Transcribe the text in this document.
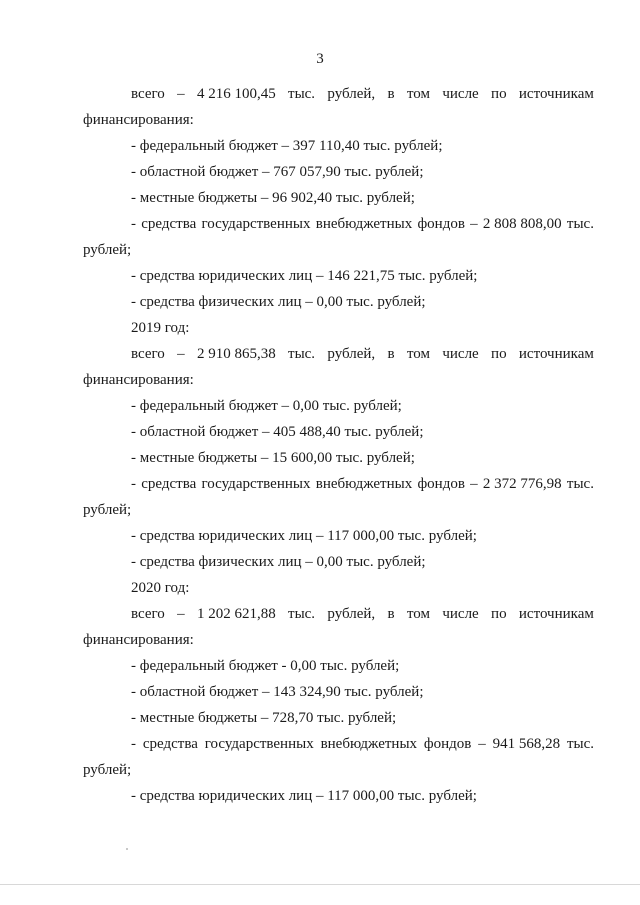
3
всего – 4 216 100,45 тыс. рублей, в том числе по источникам
финансирования:
- федеральный бюджет – 397 110,40 тыс. рублей;
- областной бюджет – 767 057,90 тыс. рублей;
- местные бюджеты – 96 902,40 тыс. рублей;
- средства государственных внебюджетных фондов – 2 808 808,00 тыс.
рублей;
- средства юридических лиц – 146 221,75 тыс. рублей;
- средства физических лиц – 0,00 тыс. рублей;
2019 год:
всего – 2 910 865,38 тыс. рублей, в том числе по источникам
финансирования:
- федеральный бюджет – 0,00 тыс. рублей;
- областной бюджет – 405 488,40 тыс. рублей;
- местные бюджеты – 15 600,00 тыс. рублей;
- средства государственных внебюджетных фондов – 2 372 776,98 тыс.
рублей;
- средства юридических лиц – 117 000,00 тыс. рублей;
- средства физических лиц – 0,00 тыс. рублей;
2020 год:
всего – 1 202 621,88 тыс. рублей, в том числе по источникам
финансирования:
- федеральный бюджет - 0,00 тыс. рублей;
- областной бюджет – 143 324,90 тыс. рублей;
- местные бюджеты – 728,70 тыс. рублей;
- средства государственных внебюджетных фондов – 941 568,28 тыс.
рублей;
- средства юридических лиц – 117 000,00 тыс. рублей;
